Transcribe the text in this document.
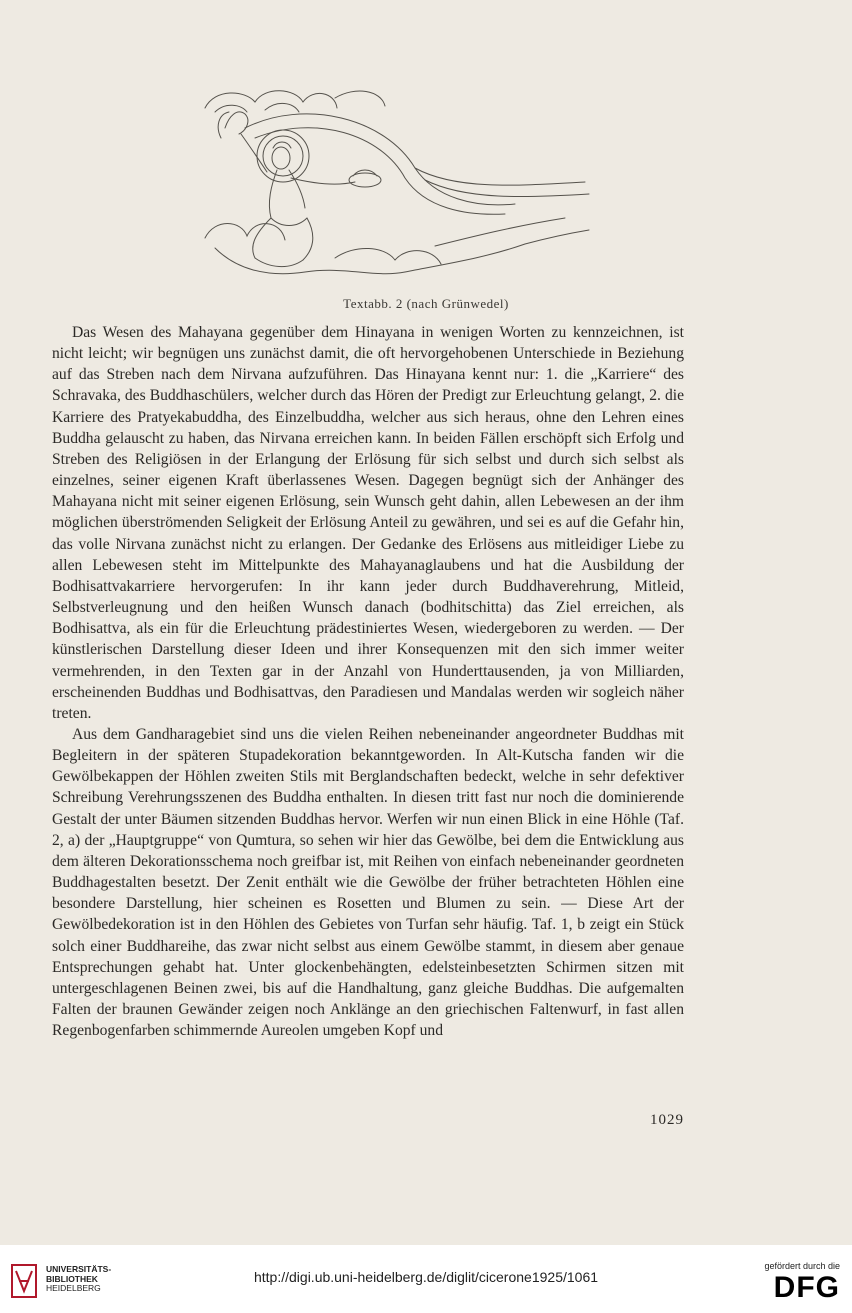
Textabb. 2 (nach Grünwedel)

Das Wesen des Mahayana gegenüber dem Hinayana in wenigen Worten zu kennzeichnen, ist nicht leicht; wir begnügen uns zunächst damit, die oft hervorgehobenen Unterschiede in Beziehung auf das Streben nach dem Nirvana aufzuführen. Das Hinayana kennt nur: 1. die „Karriere“ des Schravaka, des Buddhaschülers, welcher durch das Hören der Predigt zur Erleuchtung gelangt, 2. die Karriere des Pratyekabuddha, des Einzelbuddha, welcher aus sich heraus, ohne den Lehren eines Buddha gelauscht zu haben, das Nirvana erreichen kann. In beiden Fällen erschöpft sich Erfolg und Streben des Religiösen in der Erlangung der Erlösung für sich selbst und durch sich selbst als einzelnes, seiner eigenen Kraft überlassenes Wesen. Dagegen begnügt sich der Anhänger des Mahayana nicht mit seiner eigenen Erlösung, sein Wunsch geht dahin, allen Lebewesen an der ihm möglichen überströmenden Seligkeit der Erlösung Anteil zu gewähren, und sei es auf die Gefahr hin, das volle Nirvana zunächst nicht zu erlangen. Der Gedanke des Erlösens aus mitleidiger Liebe zu allen Lebewesen steht im Mittelpunkte des Mahayanaglaubens und hat die Ausbildung der Bodhisattvakarriere hervorgerufen: In ihr kann jeder durch Buddhaverehrung, Mitleid, Selbstverleugnung und den heißen Wunsch danach (bodhitschitta) das Ziel erreichen, als Bodhisattva, als ein für die Erleuchtung prädestiniertes Wesen, wiedergeboren zu werden. — Der künstlerischen Darstellung dieser Ideen und ihrer Konsequenzen mit den sich immer weiter vermehrenden, in den Texten gar in der Anzahl von Hunderttausenden, ja von Milliarden, erscheinenden Buddhas und Bodhisattvas, den Paradiesen und Mandalas werden wir sogleich näher treten.

Aus dem Gandharagebiet sind uns die vielen Reihen nebeneinander angeordneter Buddhas mit Begleitern in der späteren Stupadekoration bekanntgeworden. In Alt-Kutscha fanden wir die Gewölbekappen der Höhlen zweiten Stils mit Berglandschaften bedeckt, welche in sehr defektiver Schreibung Verehrungsszenen des Buddha enthalten. In diesen tritt fast nur noch die dominierende Gestalt der unter Bäumen sitzenden Buddhas hervor. Werfen wir nun einen Blick in eine Höhle (Taf. 2, a) der „Hauptgruppe“ von Qumtura, so sehen wir hier das Gewölbe, bei dem die Entwicklung aus dem älteren Dekorationsschema noch greifbar ist, mit Reihen von einfach nebeneinander geordneten Buddhagestalten besetzt. Der Zenit enthält wie die Gewölbe der früher betrachteten Höhlen eine besondere Darstellung, hier scheinen es Rosetten und Blumen zu sein. — Diese Art der Gewölbedekoration ist in den Höhlen des Gebietes von Turfan sehr häufig. Taf. 1, b zeigt ein Stück solch einer Buddhareihe, das zwar nicht selbst aus einem Gewölbe stammt, in diesem aber genaue Entsprechungen gehabt hat. Unter glockenbehängten, edelsteinbesetzten Schirmen sitzen mit untergeschlagenen Beinen zwei, bis auf die Handhaltung, ganz gleiche Buddhas. Die aufgemalten Falten der braunen Gewänder zeigen noch Anklänge an den griechischen Faltenwurf, in fast allen Regenbogenfarben schimmernde Aureolen umgeben Kopf und

1029
UNIVERSITÄTS-
BIBLIOTHEK
HEIDELBERG
http://digi.ub.uni-heidelberg.de/diglit/cicerone1925/1061
gefördert durch die
DFG
